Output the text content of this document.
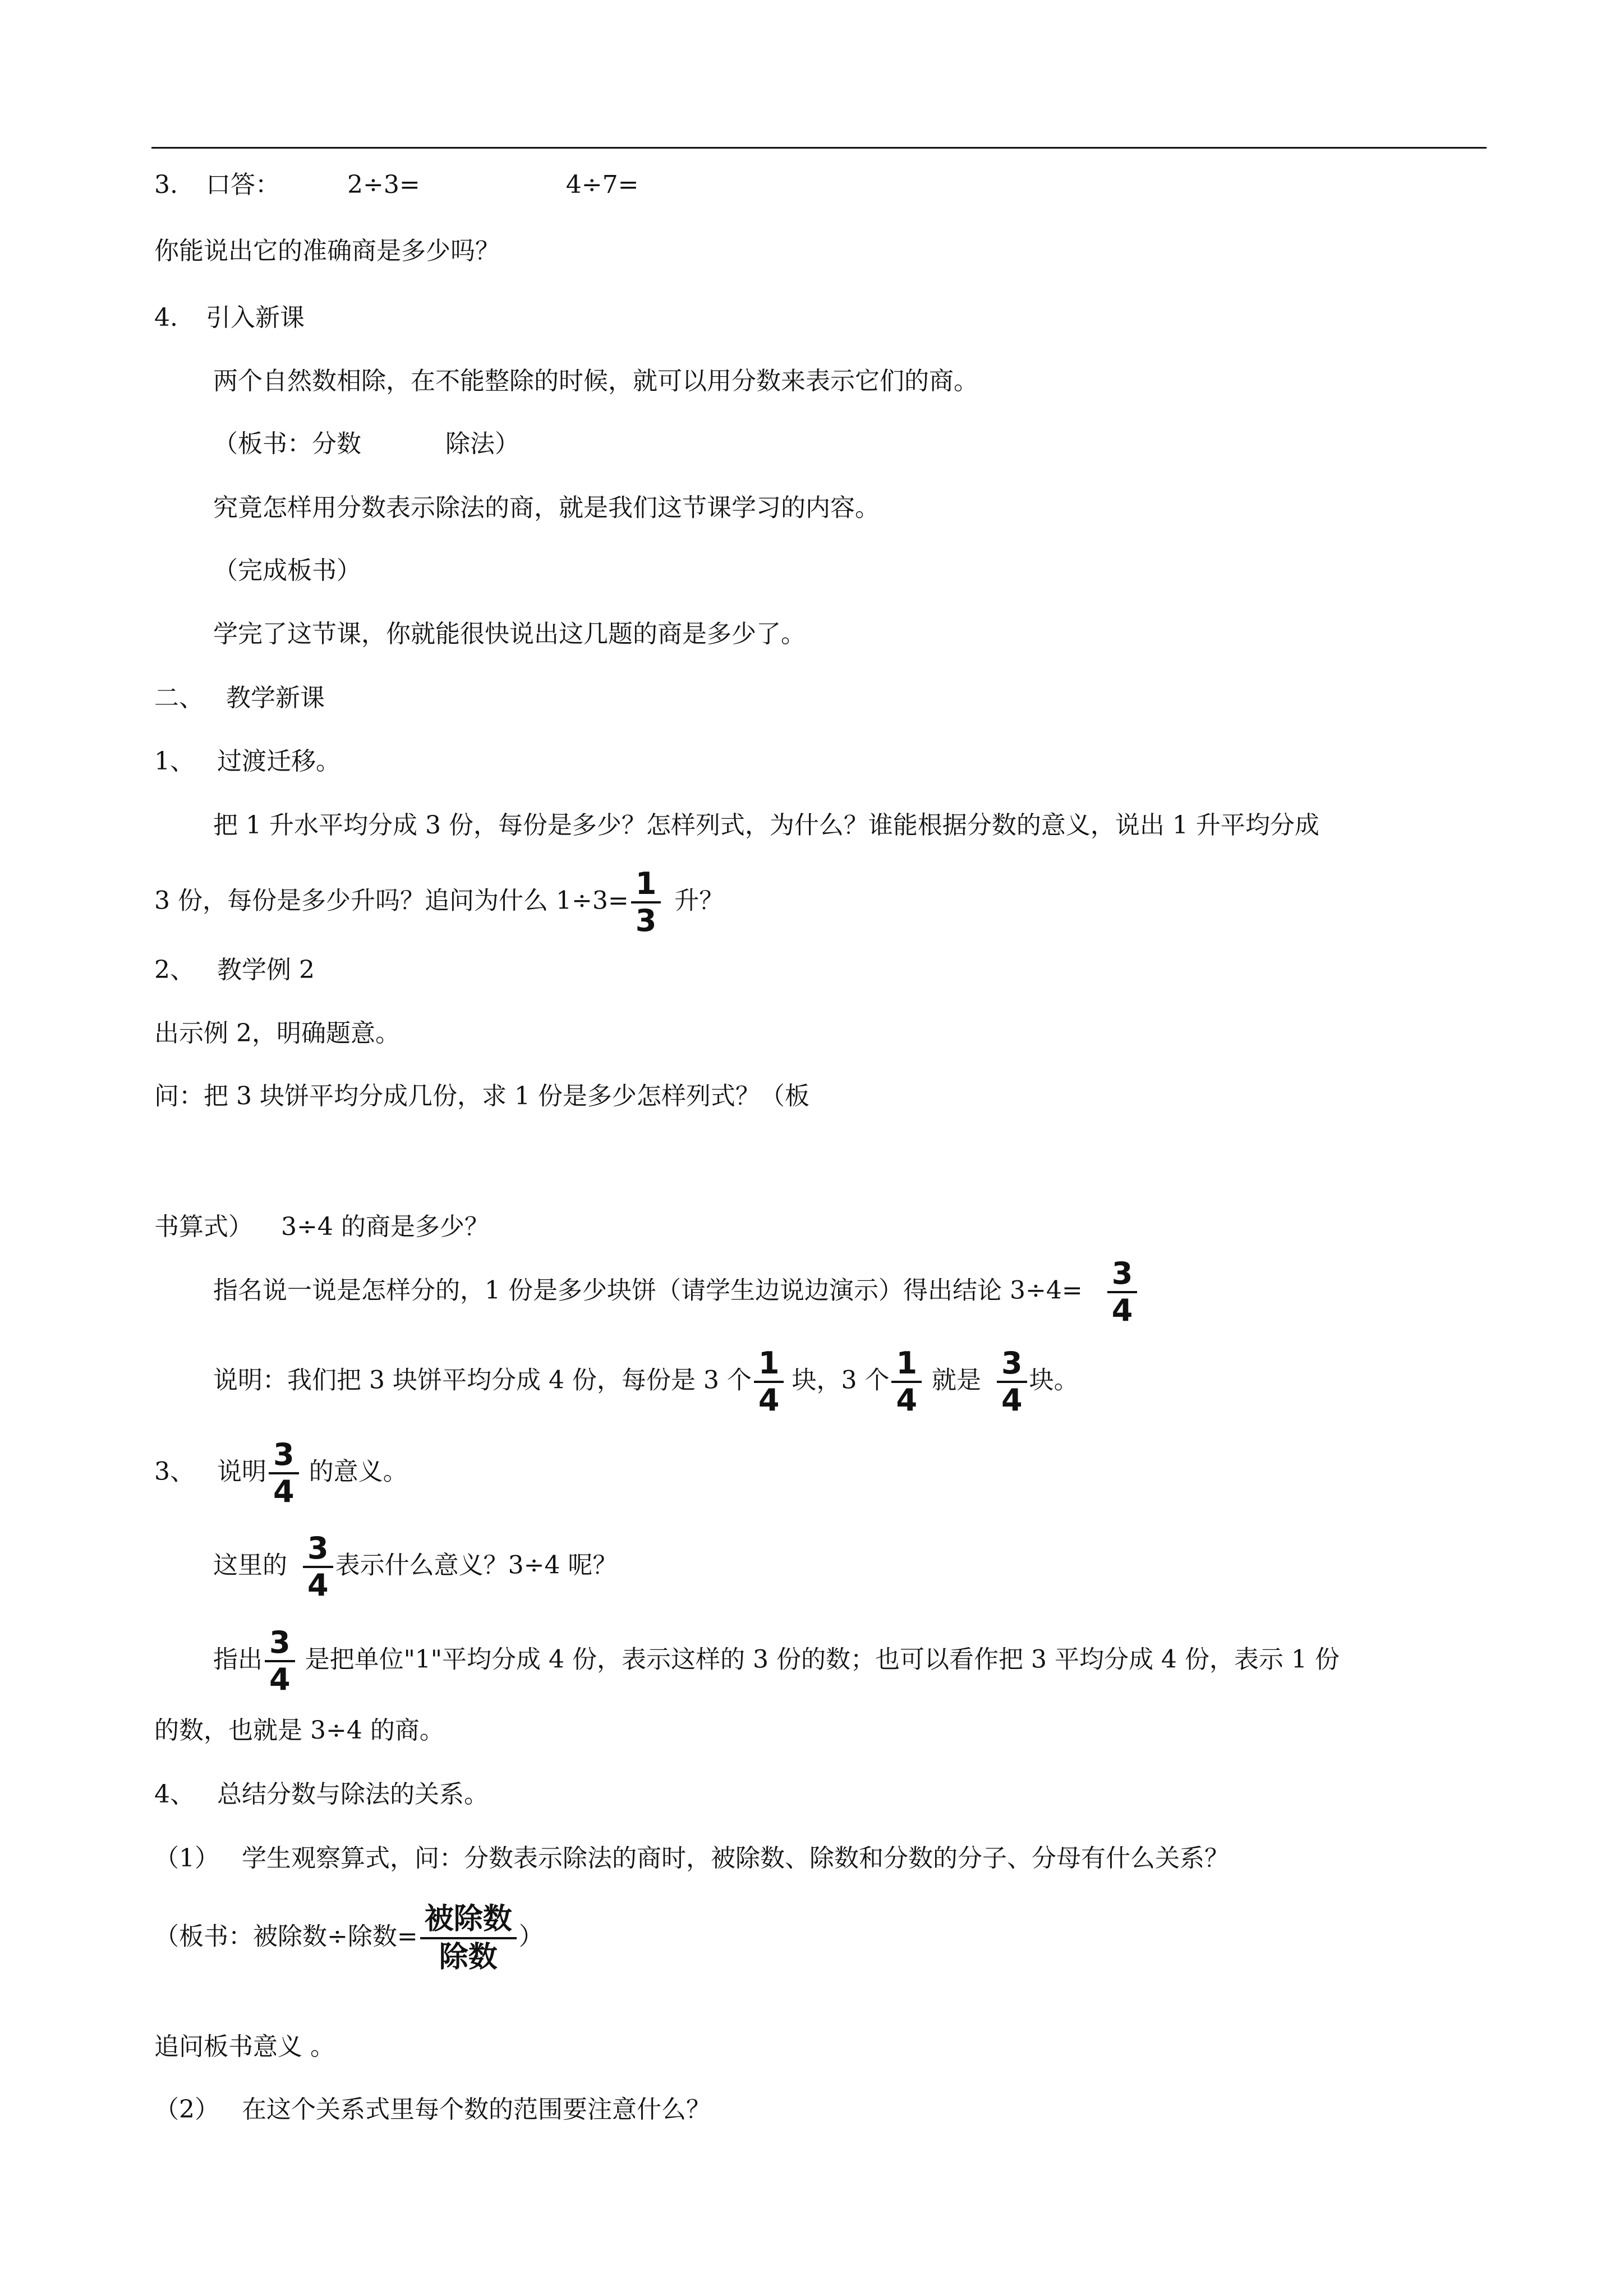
3. 口答：	2÷3=	4÷7=
你能说出它的准确商是多少吗？
4. 引入新课
两个自然数相除，在不能整除的时候，就可以用分数来表示它们的商。
（板书：分数	除法）
究竟怎样用分数表示除法的商，就是我们这节课学习的内容。
（完成板书）
学完了这节课，你就能很快说出这几题的商是多少了。
二、 教学新课
1、 过渡迁移。
把 1 升水平均分成 3 份，每份是多少？怎样列式，为什么？谁能根据分数的意义，说出 1 升平均分成
3 份，每份是多少升吗？追问为什么 $1\div 3= \frac{1}{3}$ 升？
2、 教学例 2
出示例 2，明确题意。
问：把 3 块饼平均分成几份，求 1 份是多少怎样列式？（板
书算式） 3÷4 的商是多少？
指名说一说是怎样分的，1 份是多少块饼（请学生边说边演示）得出结论 $3\div 4= \frac{3}{4}$
说明：我们把 3 块饼平均分成 4 份，每份是 3 个 $\frac{1}{4}$ 块，3 个 $\frac{1}{4}$ 就是 $\frac{3}{4}$ 块。
3、 说明 $\frac{3}{4}$ 的意义。
这里的 $\frac{3}{4}$ 表示什么意义？3÷4 呢？
指出 $\frac{3}{4}$ 是把单位"1"平均分成 4 份，表示这样的 3 份的数；也可以看作把 3 平均分成 4 份，表示 1 份
的数，也就是 3÷4 的商。
4、 总结分数与除法的关系。
（1） 学生观察算式，问：分数表示除法的商时，被除数、除数和分数的分子、分母有什么关系？
（板书：被除数÷除数= $\frac{\text{被除数}}{\text{除数}}$ ）
追问板书意义 。
（2） 在这个关系式里每个数的范围要注意什么？
